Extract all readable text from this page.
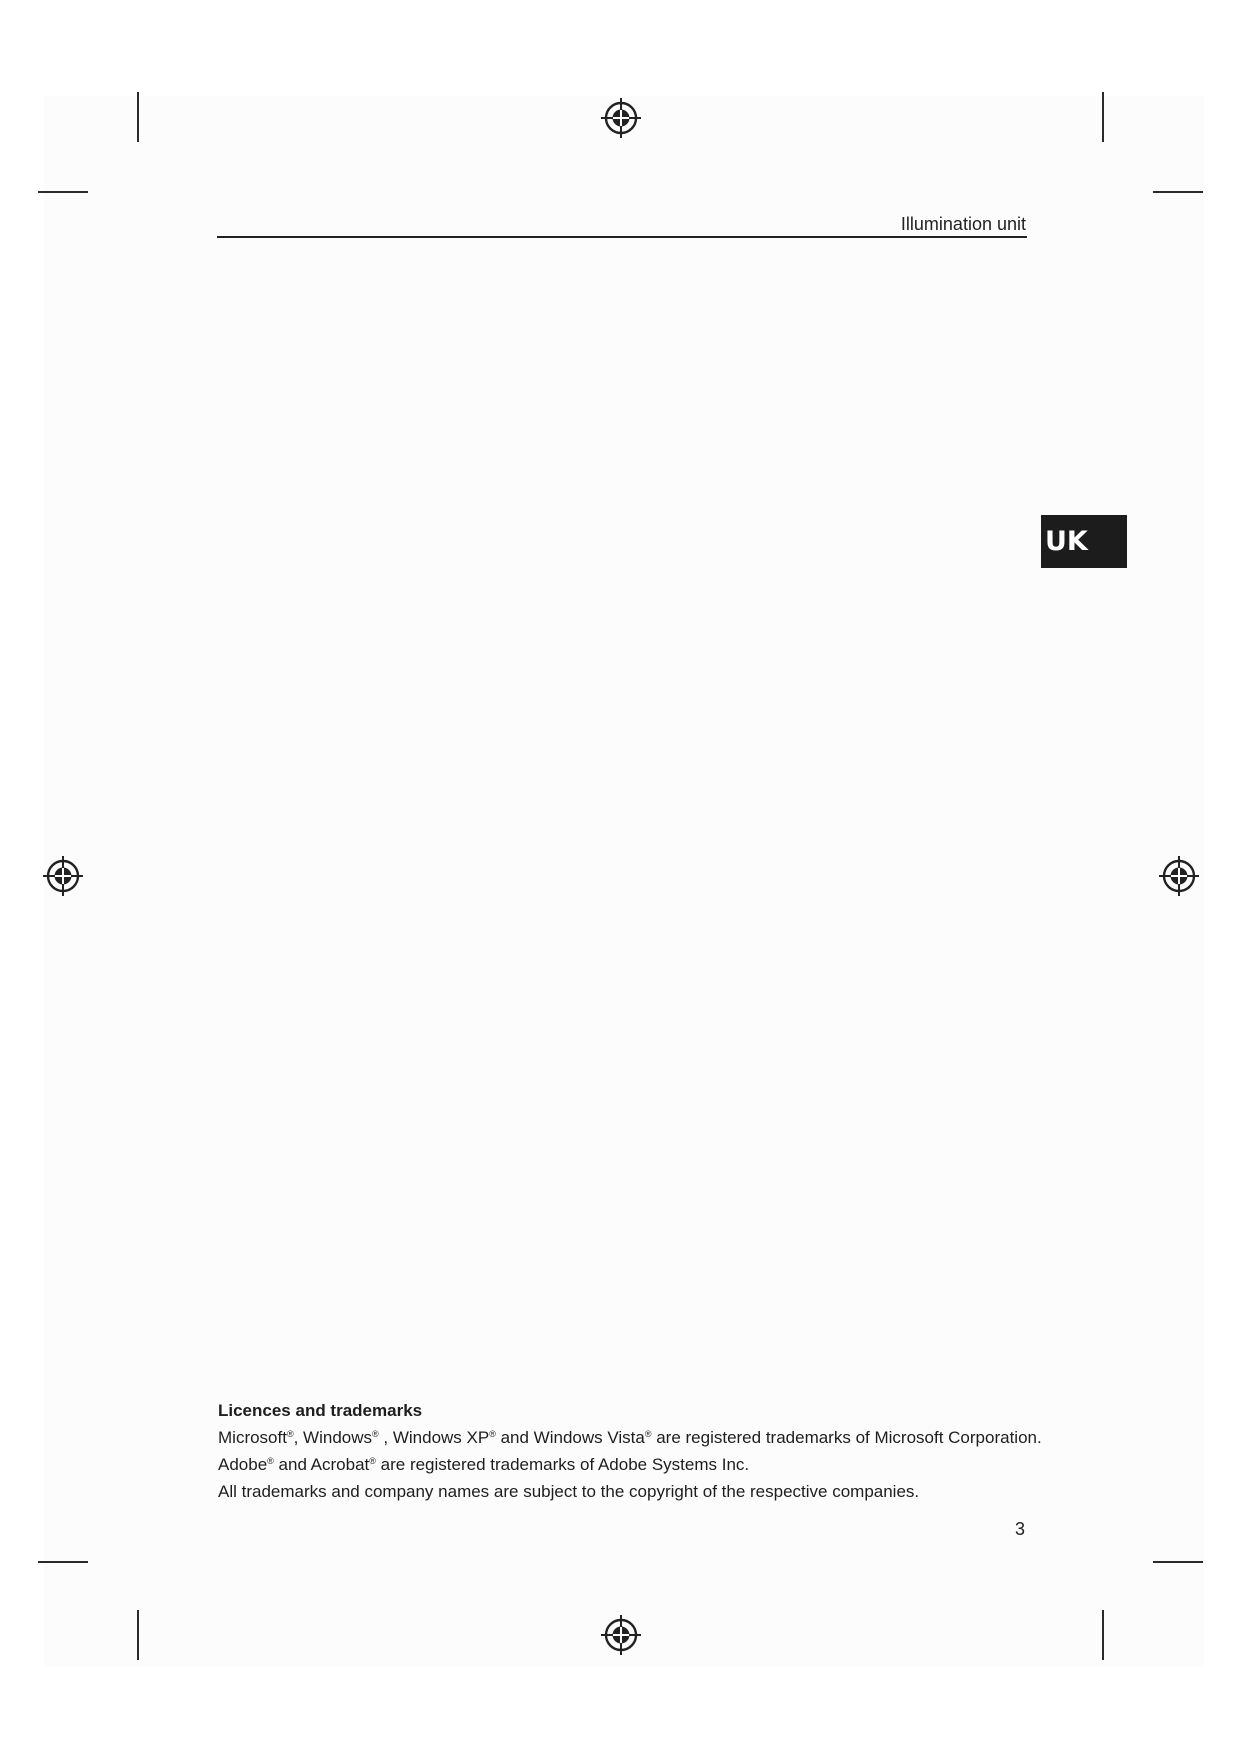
Illumination unit
UK
Licences and trademarks

Microsoft®, Windows® , Windows XP® and Windows Vista® are registered trademarks of Microsoft Corporation.

Adobe® and Acrobat® are registered trademarks of Adobe Systems Inc.

All trademarks and company names are subject to the copyright of the respective companies.

3
